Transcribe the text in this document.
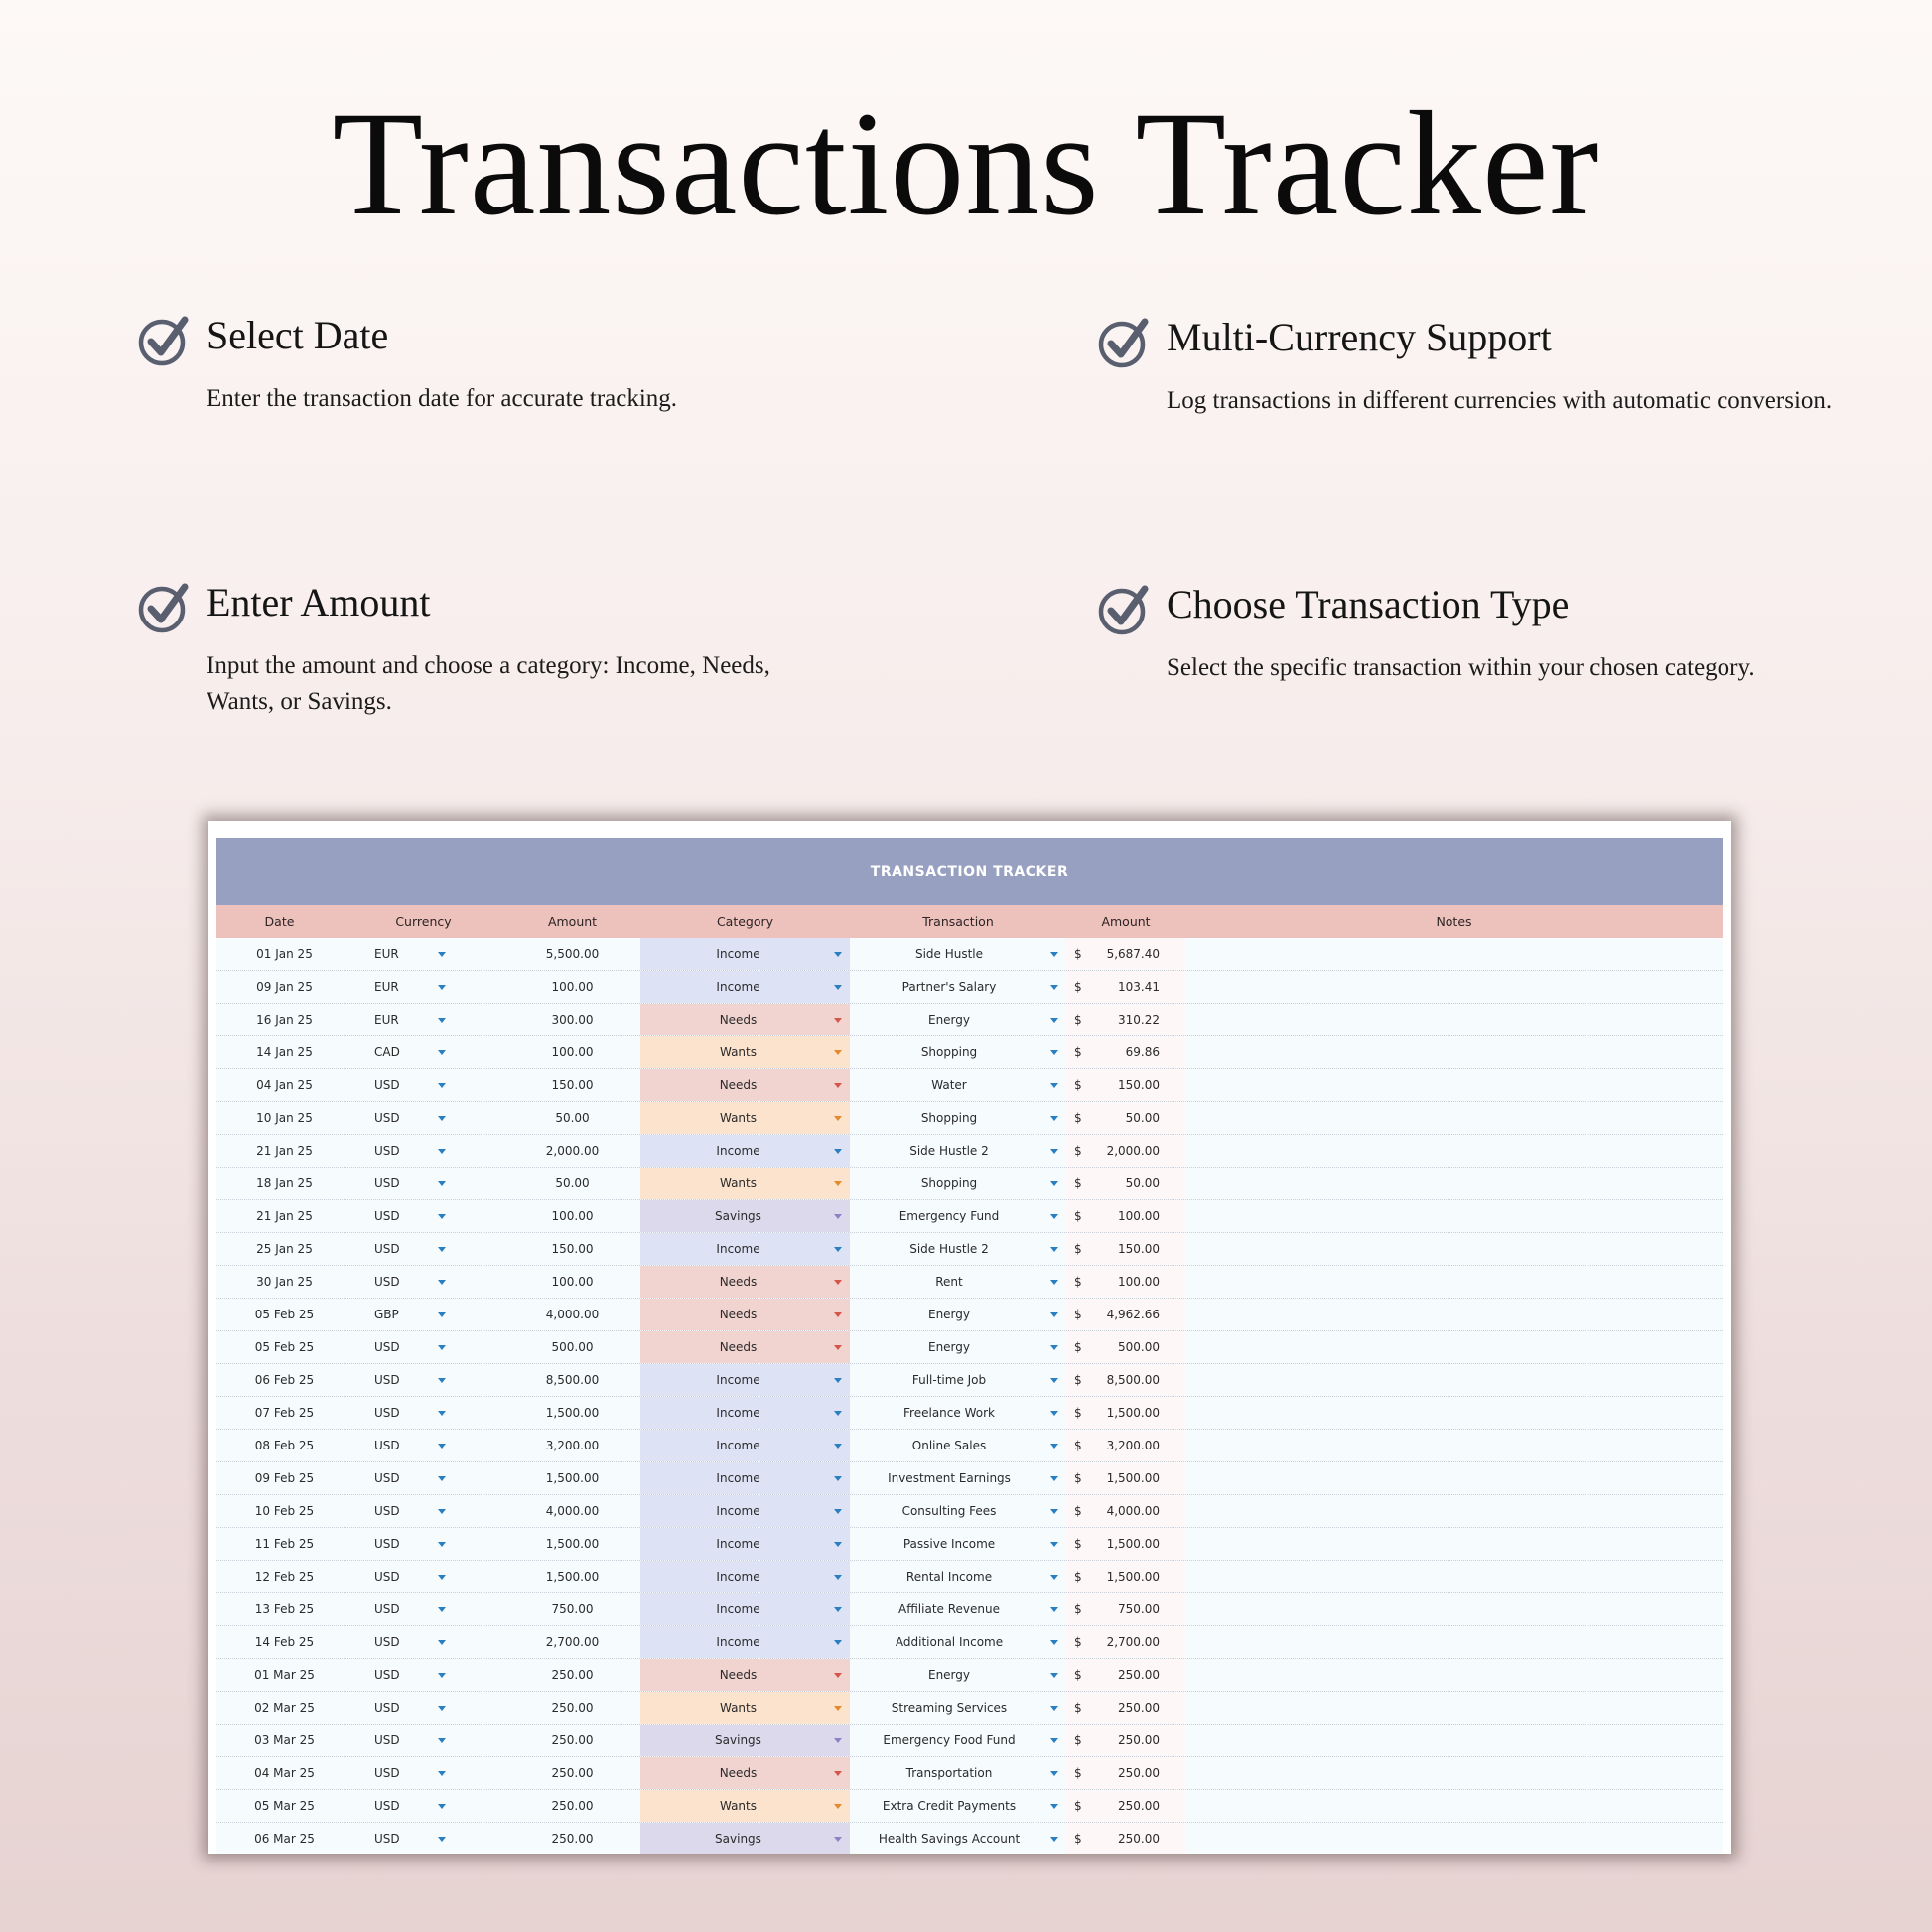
Transactions Tracker
Select Date
Enter the transaction date for accurate tracking.
Multi-Currency Support
Log transactions in different currencies with automatic conversion.
Enter Amount
Input the amount and choose a category: Income, Needs, Wants, or Savings.
Choose Transaction Type
Select the specific transaction within your chosen category.
TRANSACTION TRACKER
Date	Currency	Amount	Category	Transaction	Amount	Notes
01 Jan 25	EUR	5,500.00	Income	Side Hustle	$ 5,687.40
09 Jan 25	EUR	100.00	Income	Partner's Salary	$	103.41
16 Jan 25	EUR	300.00	Needs	Energy	$	310.22
14 Jan 25	CAD	100.00	Wants	Shopping	$	69.86
04 Jan 25	USD	150.00	Needs	Water	$	150.00
10 Jan 25	USD	50.00	Wants	Shopping	$	50.00
21 Jan 25	USD	2,000.00	Income	Side Hustle 2	$ 2,000.00
18 Jan 25	USD	50.00	Wants	Shopping	$	50.00
21 Jan 25	USD	100.00	Savings	Emergency Fund	$	100.00
25 Jan 25	USD	150.00	Income	Side Hustle 2	$	150.00
30 Jan 25	USD	100.00	Needs	Rent	$	100.00
05 Feb 25	GBP	4,000.00	Needs	Energy	$ 4,962.66
05 Feb 25	USD	500.00	Needs	Energy	$	500.00
06 Feb 25	USD	8,500.00	Income	Full-time Job	$ 8,500.00
07 Feb 25	USD	1,500.00	Income	Freelance Work	$ 1,500.00
08 Feb 25	USD	3,200.00	Income	Online Sales	$ 3,200.00
09 Feb 25	USD	1,500.00	Income	Investment Earnings	$ 1,500.00
10 Feb 25	USD	4,000.00	Income	Consulting Fees	$ 4,000.00
11 Feb 25	USD	1,500.00	Income	Passive Income	$ 1,500.00
12 Feb 25	USD	1,500.00	Income	Rental Income	$ 1,500.00
13 Feb 25	USD	750.00	Income	Affiliate Revenue	$	750.00
14 Feb 25	USD	2,700.00	Income	Additional Income	$ 2,700.00
01 Mar 25	USD	250.00	Needs	Energy	$	250.00
02 Mar 25	USD	250.00	Wants	Streaming Services	$	250.00
03 Mar 25	USD	250.00	Savings	Emergency Food Fund	$	250.00
04 Mar 25	USD	250.00	Needs	Transportation	$	250.00
05 Mar 25	USD	250.00	Wants	Extra Credit Payments	$	250.00
06 Mar 25	USD	250.00	Savings	Health Savings Account	$	250.00
